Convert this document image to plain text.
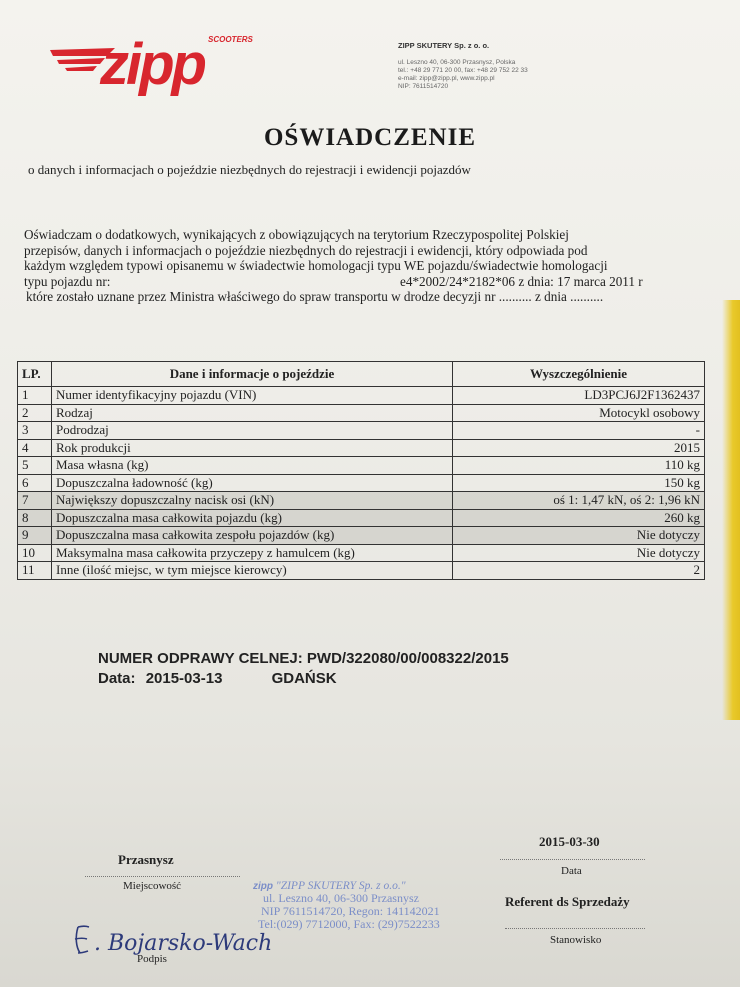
zipp SCOOTERS
ZIPP SKUTERY Sp. z o. o.
ul. Leszno 40, 06-300 Przasnysz, Polska
tel.: +48 29 771 20 00, fax: +48 29 752 22 33
e-mail: zipp@zipp.pl, www.zipp.pl
NIP: 7611514720
OŚWIADCZENIE
o danych i informacjach o pojeździe niezbędnych do rejestracji i ewidencji pojazdów
Oświadczam o dodatkowych, wynikających z obowiązujących na terytorium Rzeczypospolitej Polskiej
przepisów, danych i informacjach o pojeździe niezbędnych do rejestracji i ewidencji, który odpowiada pod
każdym względem typowi opisanemu w świadectwie homologacji typu WE pojazdu/świadectwie homologacji
typu pojazdu nr:	e4*2002/24*2182*06 z dnia: 17 marca 2011 r
które zostało uznane przez Ministra właściwego do spraw transportu w drodze decyzji nr .......... z dnia ..........
LP.	Dane i informacje o pojeździe	Wyszczególnienie
1	Numer identyfikacyjny pojazdu (VIN)	LD3PCJ6J2F1362437
2	Rodzaj	Motocykl osobowy
3	Podrodzaj	-
4	Rok produkcji	2015
5	Masa własna (kg)	110 kg
6	Dopuszczalna ładowność (kg)	150 kg
7	Największy dopuszczalny nacisk osi (kN)	oś 1: 1,47 kN, oś 2: 1,96 kN
8	Dopuszczalna masa całkowita pojazdu (kg)	260 kg
9	Dopuszczalna masa całkowita zespołu pojazdów (kg)	Nie dotyczy
10	Maksymalna masa całkowita przyczepy z hamulcem (kg)	Nie dotyczy
11	Inne (ilość miejsc, w tym miejsce kierowcy)	2
NUMER ODPRAWY CELNEJ: PWD/322080/00/008322/2015
Data: 2015-03-13	GDAŃSK
Przasnysz
Miejscowość
2015-03-30
Data
Referent ds Sprzedaży
Stanowisko
zipp "ZIPP SKUTERY Sp. z o.o."
ul. Leszno 40, 06-300 Przasnysz
NIP 7611514720, Regon: 141142021
Tel:(029) 7712000, Fax: (29)7522233
. Bojarsko-Wach
Podpis
